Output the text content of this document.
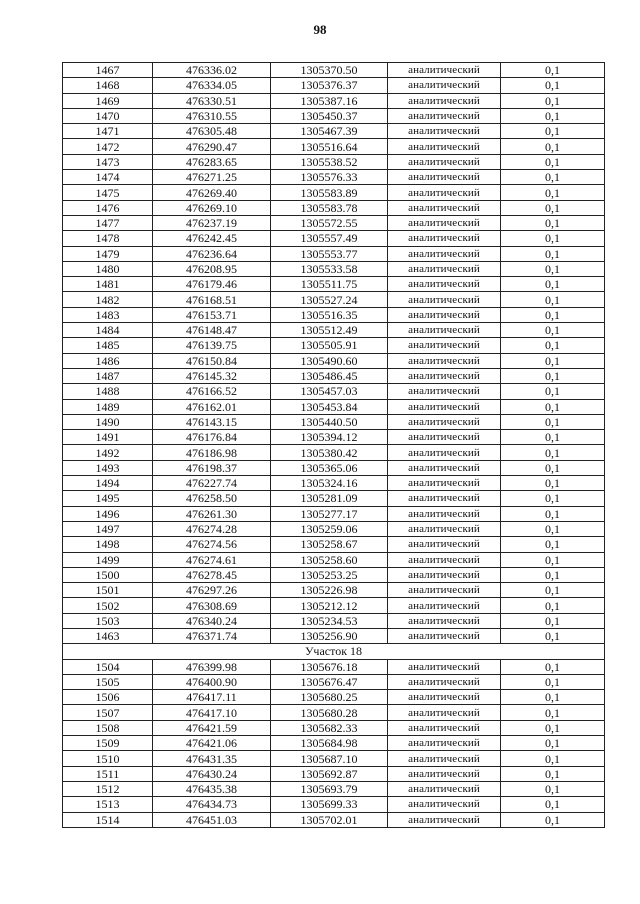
98
1467	476336.02	1305370.50	аналитический	0,1
1468	476334.05	1305376.37	аналитический	0,1
1469	476330.51	1305387.16	аналитический	0,1
1470	476310.55	1305450.37	аналитический	0,1
1471	476305.48	1305467.39	аналитический	0,1
1472	476290.47	1305516.64	аналитический	0,1
1473	476283.65	1305538.52	аналитический	0,1
1474	476271.25	1305576.33	аналитический	0,1
1475	476269.40	1305583.89	аналитический	0,1
1476	476269.10	1305583.78	аналитический	0,1
1477	476237.19	1305572.55	аналитический	0,1
1478	476242.45	1305557.49	аналитический	0,1
1479	476236.64	1305553.77	аналитический	0,1
1480	476208.95	1305533.58	аналитический	0,1
1481	476179.46	1305511.75	аналитический	0,1
1482	476168.51	1305527.24	аналитический	0,1
1483	476153.71	1305516.35	аналитический	0,1
1484	476148.47	1305512.49	аналитический	0,1
1485	476139.75	1305505.91	аналитический	0,1
1486	476150.84	1305490.60	аналитический	0,1
1487	476145.32	1305486.45	аналитический	0,1
1488	476166.52	1305457.03	аналитический	0,1
1489	476162.01	1305453.84	аналитический	0,1
1490	476143.15	1305440.50	аналитический	0,1
1491	476176.84	1305394.12	аналитический	0,1
1492	476186.98	1305380.42	аналитический	0,1
1493	476198.37	1305365.06	аналитический	0,1
1494	476227.74	1305324.16	аналитический	0,1
1495	476258.50	1305281.09	аналитический	0,1
1496	476261.30	1305277.17	аналитический	0,1
1497	476274.28	1305259.06	аналитический	0,1
1498	476274.56	1305258.67	аналитический	0,1
1499	476274.61	1305258.60	аналитический	0,1
1500	476278.45	1305253.25	аналитический	0,1
1501	476297.26	1305226.98	аналитический	0,1
1502	476308.69	1305212.12	аналитический	0,1
1503	476340.24	1305234.53	аналитический	0,1
1463	476371.74	1305256.90	аналитический	0,1
Участок 18				
1504	476399.98	1305676.18	аналитический	0,1
1505	476400.90	1305676.47	аналитический	0,1
1506	476417.11	1305680.25	аналитический	0,1
1507	476417.10	1305680.28	аналитический	0,1
1508	476421.59	1305682.33	аналитический	0,1
1509	476421.06	1305684.98	аналитический	0,1
1510	476431.35	1305687.10	аналитический	0,1
1511	476430.24	1305692.87	аналитический	0,1
1512	476435.38	1305693.79	аналитический	0,1
1513	476434.73	1305699.33	аналитический	0,1
1514	476451.03	1305702.01	аналитический	0,1
